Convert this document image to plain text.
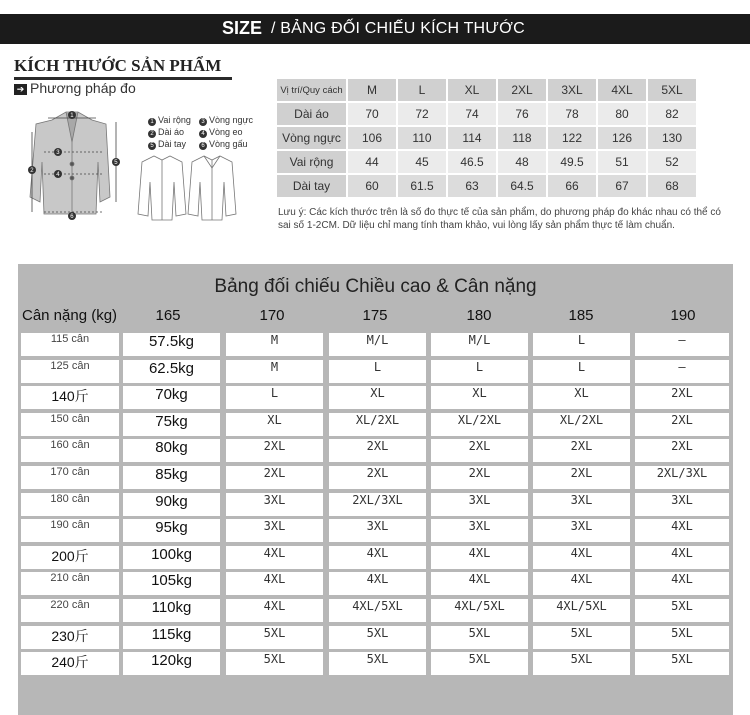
SIZE / BẢNG ĐỐI CHIẾU KÍCH THƯỚC
KÍCH THƯỚC SẢN PHẨM
➔ Phương pháp đo
1
2
3
4
5
6
1 Vai rộng	3 Vòng ngực
2 Dài áo	4 Vòng eo
5 Dài tay	6 Vòng gấu
Vị trí/Quy cách	M	L	XL	2XL	3XL	4XL	5XL
Dài áo	70	72	74	76	78	80	82
Vòng ngực	106	110	114	118	122	126	130
Vai rộng	44	45	46.5	48	49.5	51	52
Dài tay	60	61.5	63	64.5	66	67	68
Lưu ý: Các kích thước trên là số đo thực tế của sản phẩm, do phương pháp đo khác nhau có thể có sai số 1-2CM. Dữ liệu chỉ mang tính tham khảo, vui lòng lấy sản phẩm thực tế làm chuẩn.
Bảng đối chiếu Chiều cao & Cân nặng
Cân nặng (kg)	165	170	175	180	185	190
115 cân	57.5kg	M	M/L	M/L	L	—
125 cân	62.5kg	M	L	L	L	—
140斤	70kg	L	XL	XL	XL	2XL
150 cân	75kg	XL	XL/2XL	XL/2XL	XL/2XL	2XL
160 cân	80kg	2XL	2XL	2XL	2XL	2XL
170 cân	85kg	2XL	2XL	2XL	2XL	2XL/3XL
180 cân	90kg	3XL	2XL/3XL	3XL	3XL	3XL
190 cân	95kg	3XL	3XL	3XL	3XL	4XL
200斤	100kg	4XL	4XL	4XL	4XL	4XL
210 cân	105kg	4XL	4XL	4XL	4XL	4XL
220 cân	110kg	4XL	4XL/5XL	4XL/5XL	4XL/5XL	5XL
230斤	115kg	5XL	5XL	5XL	5XL	5XL
240斤	120kg	5XL	5XL	5XL	5XL	5XL
